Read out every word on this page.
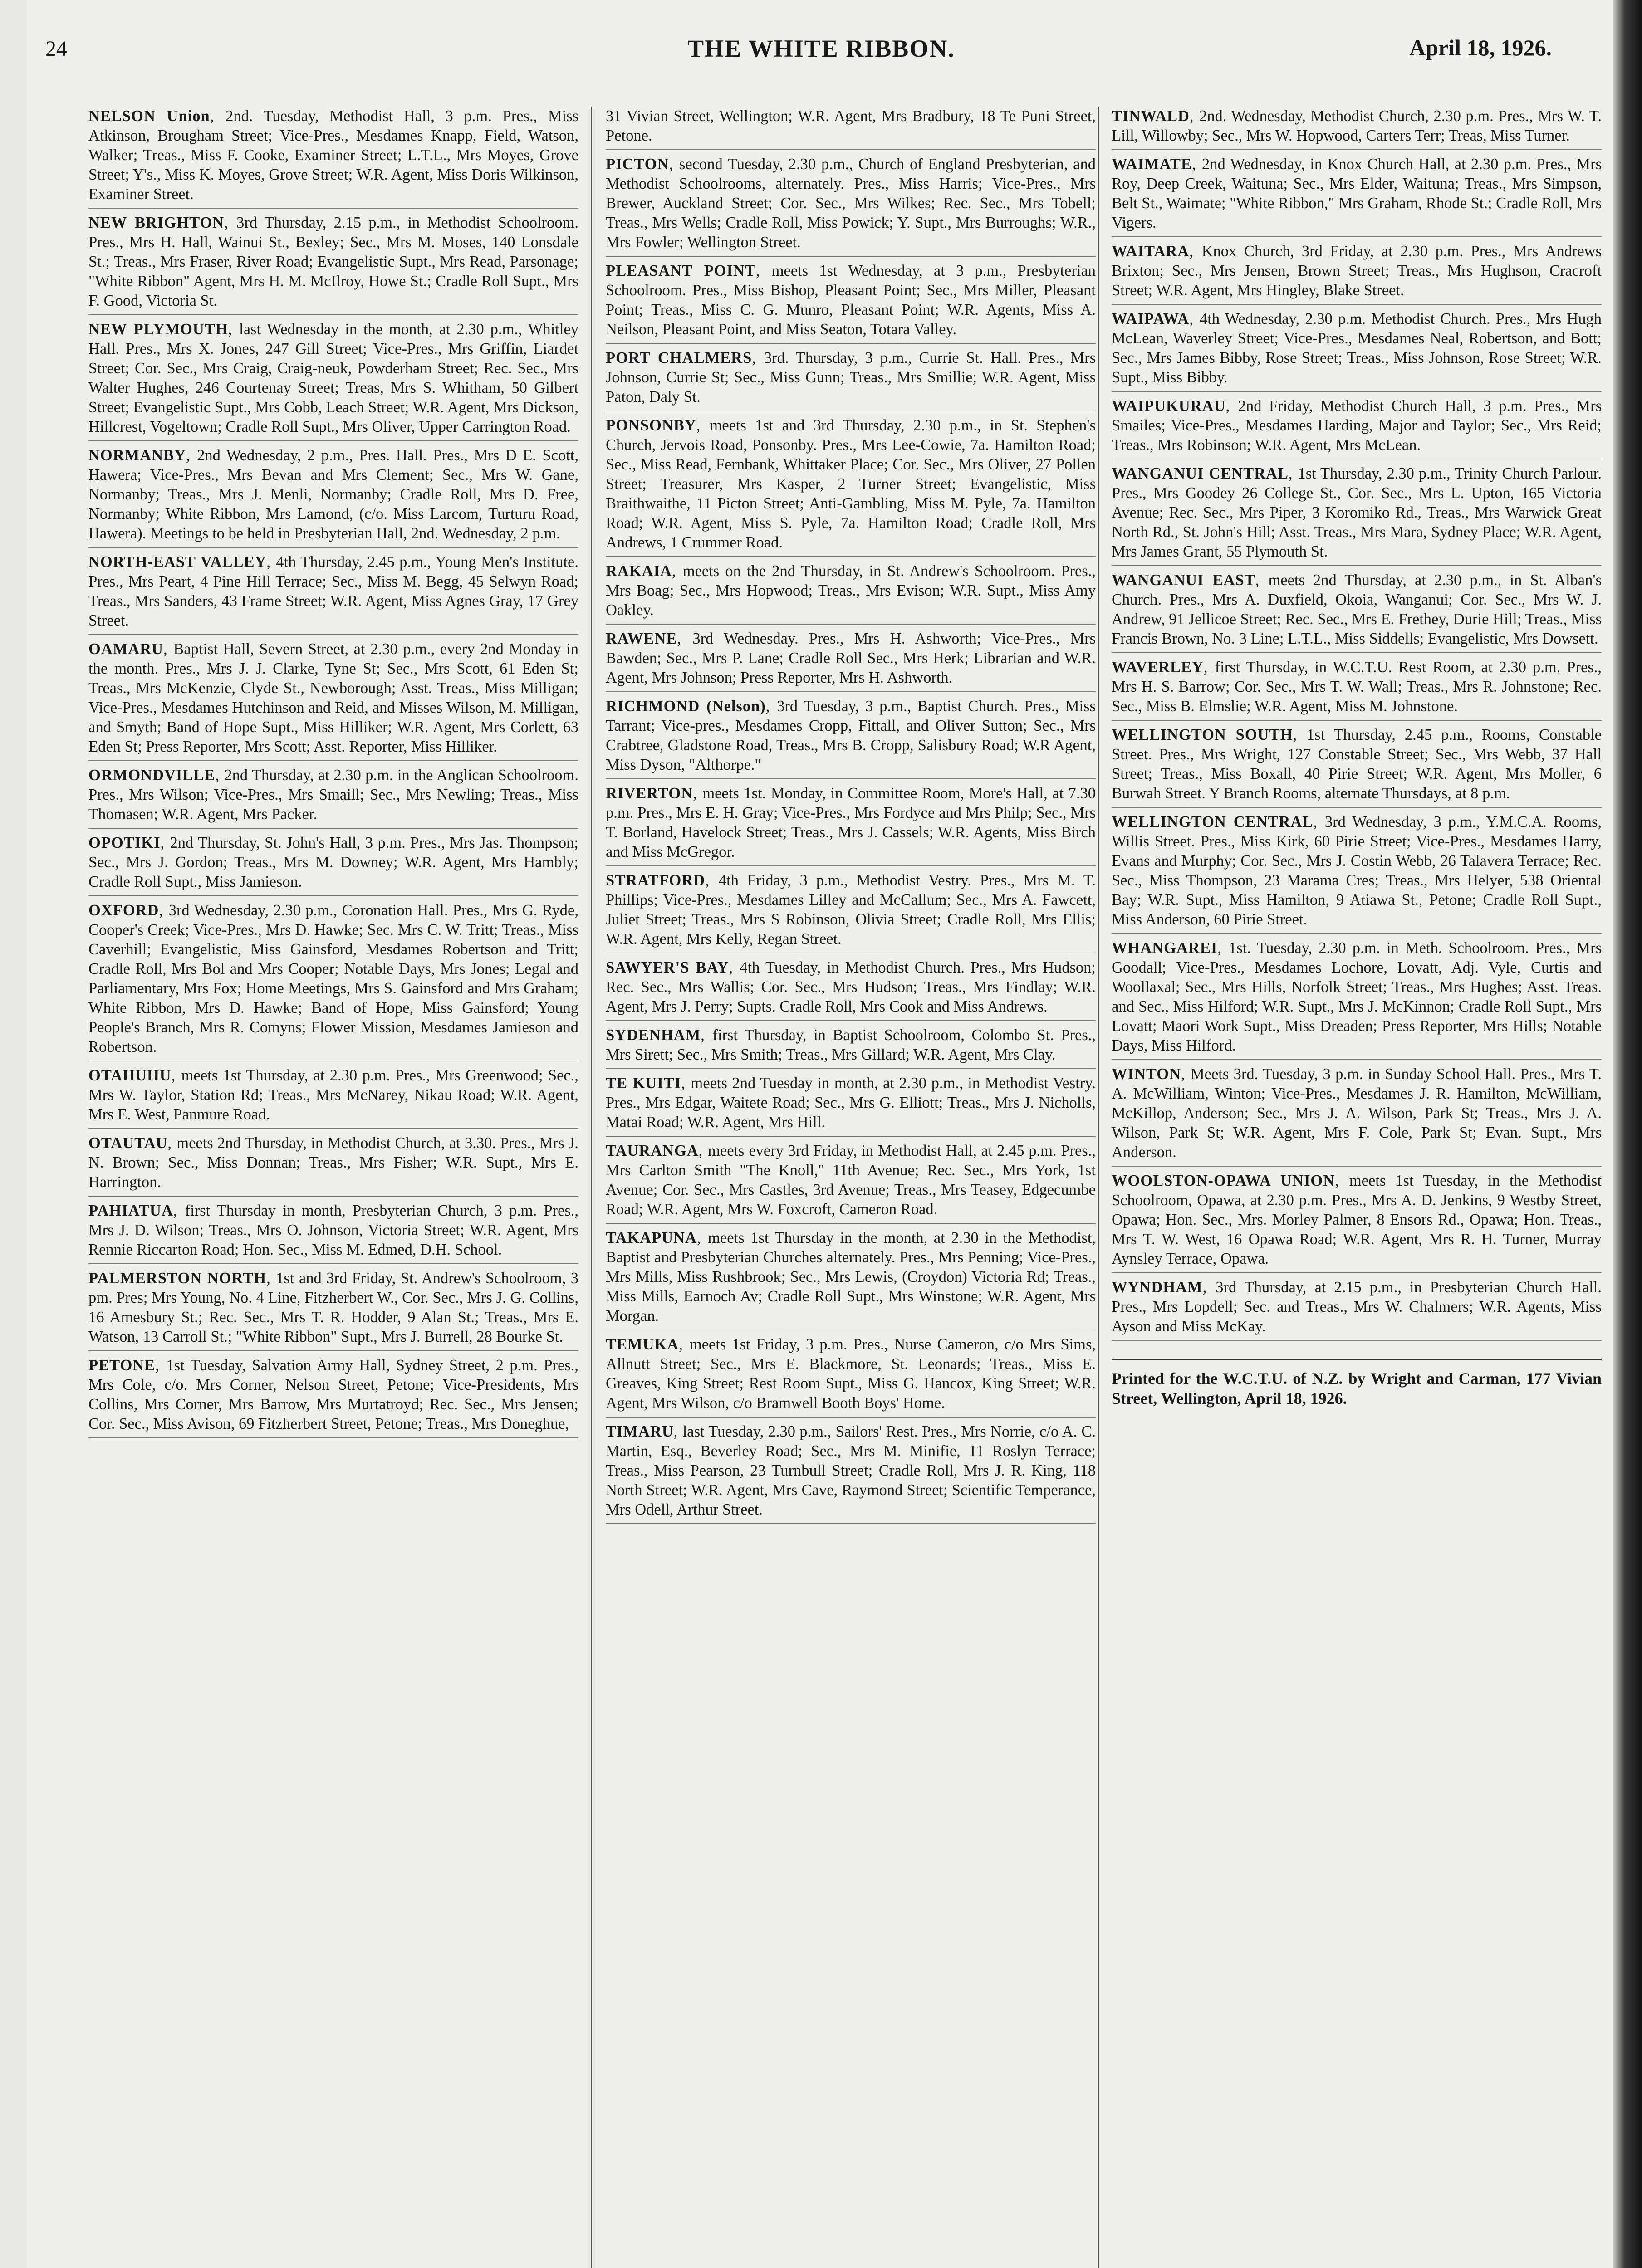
24	THE WHITE RIBBON.	April 18, 1926.

NELSON Union , 2nd. Tuesday, Methodist Hall, 3 p.m. Pres., Miss Atkinson, Brougham Street; Vice-Pres., Mesdames Knapp, Field, Watson, Walker; Treas., Miss F. Cooke, Examiner Street; L.T.L., Mrs Moyes, Grove Street; Y's., Miss K. Moyes, Grove Street; W.R. Agent, Miss Doris Wilkinson, Examiner Street.

NEW BRIGHTON , 3rd Thursday, 2.15 p.m., in Methodist Schoolroom. Pres., Mrs H. Hall, Wainui St., Bexley; Sec., Mrs M. Moses, 140 Lonsdale St.; Treas., Mrs Fraser, River Road; Evangelistic Supt., Mrs Read, Parsonage; "White Ribbon" Agent, Mrs H. M. McIlroy, Howe St.; Cradle Roll Supt., Mrs F. Good, Victoria St.

NEW PLYMOUTH , last Wednesday in the month, at 2.30 p.m., Whitley Hall. Pres., Mrs X. Jones, 247 Gill Street; Vice-Pres., Mrs Griffin, Liardet Street; Cor. Sec., Mrs Craig, Craig-neuk, Powderham Street; Rec. Sec., Mrs Walter Hughes, 246 Courtenay Street; Treas, Mrs S. Whitham, 50 Gilbert Street; Evangelistic Supt., Mrs Cobb, Leach Street; W.R. Agent, Mrs Dickson, Hillcrest, Vogeltown; Cradle Roll Supt., Mrs Oliver, Upper Carrington Road.

NORMANBY , 2nd Wednesday, 2 p.m., Pres. Hall. Pres., Mrs D E. Scott, Hawera; Vice-Pres., Mrs Bevan and Mrs Clement; Sec., Mrs W. Gane, Normanby; Treas., Mrs J. Menli, Normanby; Cradle Roll, Mrs D. Free, Normanby; White Ribbon, Mrs Lamond, (c/o. Miss Larcom, Turturu Road, Hawera). Meetings to be held in Presbyterian Hall, 2nd. Wednesday, 2 p.m.

NORTH-EAST VALLEY , 4th Thursday, 2.45 p.m., Young Men's Institute. Pres., Mrs Peart, 4 Pine Hill Terrace; Sec., Miss M. Begg, 45 Selwyn Road; Treas., Mrs Sanders, 43 Frame Street; W.R. Agent, Miss Agnes Gray, 17 Grey Street.

OAMARU , Baptist Hall, Severn Street, at 2.30 p.m., every 2nd Monday in the month. Pres., Mrs J. J. Clarke, Tyne St; Sec., Mrs Scott, 61 Eden St; Treas., Mrs McKenzie, Clyde St., Newborough; Asst. Treas., Miss Milligan; Vice-Pres., Mesdames Hutchinson and Reid, and Misses Wilson, M. Milligan, and Smyth; Band of Hope Supt., Miss Hilliker; W.R. Agent, Mrs Corlett, 63 Eden St; Press Reporter, Mrs Scott; Asst. Reporter, Miss Hilliker.

ORMONDVILLE , 2nd Thursday, at 2.30 p.m. in the Anglican Schoolroom. Pres., Mrs Wilson; Vice-Pres., Mrs Smaill; Sec., Mrs Newling; Treas., Miss Thomasen; W.R. Agent, Mrs Packer.

OPOTIKI , 2nd Thursday, St. John's Hall, 3 p.m. Pres., Mrs Jas. Thompson; Sec., Mrs J. Gordon; Treas., Mrs M. Downey; W.R. Agent, Mrs Hambly; Cradle Roll Supt., Miss Jamieson.

OXFORD , 3rd Wednesday, 2.30 p.m., Coronation Hall. Pres., Mrs G. Ryde, Cooper's Creek; Vice-Pres., Mrs D. Hawke; Sec. Mrs C. W. Tritt; Treas., Miss Caverhill; Evangelistic, Miss Gainsford, Mesdames Robertson and Tritt; Cradle Roll, Mrs Bol and Mrs Cooper; Notable Days, Mrs Jones; Legal and Parliamentary, Mrs Fox; Home Meetings, Mrs S. Gainsford and Mrs Graham; White Ribbon, Mrs D. Hawke; Band of Hope, Miss Gainsford; Young People's Branch, Mrs R. Comyns; Flower Mission, Mesdames Jamieson and Robertson.

OTAHUHU , meets 1st Thursday, at 2.30 p.m. Pres., Mrs Greenwood; Sec., Mrs W. Taylor, Station Rd; Treas., Mrs McNarey, Nikau Road; W.R. Agent, Mrs E. West, Panmure Road.

OTAUTAU , meets 2nd Thursday, in Methodist Church, at 3.30. Pres., Mrs J. N. Brown; Sec., Miss Donnan; Treas., Mrs Fisher; W.R. Supt., Mrs E. Harrington.

PAHIATUA , first Thursday in month, Presbyterian Church, 3 p.m. Pres., Mrs J. D. Wilson; Treas., Mrs O. Johnson, Victoria Street; W.R. Agent, Mrs Rennie Riccarton Road; Hon. Sec., Miss M. Edmed, D.H. School.

PALMERSTON NORTH , 1st and 3rd Friday, St. Andrew's Schoolroom, 3 pm. Pres; Mrs Young, No. 4 Line, Fitzherbert W., Cor. Sec., Mrs J. G. Collins, 16 Amesbury St.; Rec. Sec., Mrs T. R. Hodder, 9 Alan St.; Treas., Mrs E. Watson, 13 Carroll St.; "White Ribbon" Supt., Mrs J. Burrell, 28 Bourke St.

PETONE , 1st Tuesday, Salvation Army Hall, Sydney Street, 2 p.m. Pres., Mrs Cole, c/o. Mrs Corner, Nelson Street, Petone; Vice-Presidents, Mrs Collins, Mrs Corner, Mrs Barrow, Mrs Murtatroyd; Rec. Sec., Mrs Jensen; Cor. Sec., Miss Avison, 69 Fitzherbert Street, Petone; Treas., Mrs Doneghue,

31 Vivian Street, Wellington; W.R. Agent, Mrs Bradbury, 18 Te Puni Street, Petone.

PICTON , second Tuesday, 2.30 p.m., Church of England Presbyterian, and Methodist Schoolrooms, alternately. Pres., Miss Harris; Vice-Pres., Mrs Brewer, Auckland Street; Cor. Sec., Mrs Wilkes; Rec. Sec., Mrs Tobell; Treas., Mrs Wells; Cradle Roll, Miss Powick; Y. Supt., Mrs Burroughs; W.R., Mrs Fowler; Wellington Street.

PLEASANT POINT , meets 1st Wednesday, at 3 p.m., Presbyterian Schoolroom. Pres., Miss Bishop, Pleasant Point; Sec., Mrs Miller, Pleasant Point; Treas., Miss C. G. Munro, Pleasant Point; W.R. Agents, Miss A. Neilson, Pleasant Point, and Miss Seaton, Totara Valley.

PORT CHALMERS , 3rd. Thursday, 3 p.m., Currie St. Hall. Pres., Mrs Johnson, Currie St; Sec., Miss Gunn; Treas., Mrs Smillie; W.R. Agent, Miss Paton, Daly St.

PONSONBY , meets 1st and 3rd Thursday, 2.30 p.m., in St. Stephen's Church, Jervois Road, Ponsonby. Pres., Mrs Lee-Cowie, 7a. Hamilton Road; Sec., Miss Read, Fernbank, Whittaker Place; Cor. Sec., Mrs Oliver, 27 Pollen Street; Treasurer, Mrs Kasper, 2 Turner Street; Evangelistic, Miss Braithwaithe, 11 Picton Street; Anti-Gambling, Miss M. Pyle, 7a. Hamilton Road; W.R. Agent, Miss S. Pyle, 7a. Hamilton Road; Cradle Roll, Mrs Andrews, 1 Crummer Road.

RAKAIA , meets on the 2nd Thursday, in St. Andrew's Schoolroom. Pres., Mrs Boag; Sec., Mrs Hopwood; Treas., Mrs Evison; W.R. Supt., Miss Amy Oakley.

RAWENE , 3rd Wednesday. Pres., Mrs H. Ashworth; Vice-Pres., Mrs Bawden; Sec., Mrs P. Lane; Cradle Roll Sec., Mrs Herk; Librarian and W.R. Agent, Mrs Johnson; Press Reporter, Mrs H. Ashworth.

RICHMOND (Nelson) , 3rd Tuesday, 3 p.m., Baptist Church. Pres., Miss Tarrant; Vice-pres., Mesdames Cropp, Fittall, and Oliver Sutton; Sec., Mrs Crabtree, Gladstone Road, Treas., Mrs B. Cropp, Salisbury Road; W.R Agent, Miss Dyson, "Althorpe."

RIVERTON , meets 1st. Monday, in Committee Room, More's Hall, at 7.30 p.m. Pres., Mrs E. H. Gray; Vice-Pres., Mrs Fordyce and Mrs Philp; Sec., Mrs T. Borland, Havelock Street; Treas., Mrs J. Cassels; W.R. Agents, Miss Birch and Miss McGregor.

STRATFORD , 4th Friday, 3 p.m., Methodist Vestry. Pres., Mrs M. T. Phillips; Vice-Pres., Mesdames Lilley and McCallum; Sec., Mrs A. Fawcett, Juliet Street; Treas., Mrs S Robinson, Olivia Street; Cradle Roll, Mrs Ellis; W.R. Agent, Mrs Kelly, Regan Street.

SAWYER'S BAY , 4th Tuesday, in Methodist Church. Pres., Mrs Hudson; Rec. Sec., Mrs Wallis; Cor. Sec., Mrs Hudson; Treas., Mrs Findlay; W.R. Agent, Mrs J. Perry; Supts. Cradle Roll, Mrs Cook and Miss Andrews.

SYDENHAM , first Thursday, in Baptist Schoolroom, Colombo St. Pres., Mrs Sirett; Sec., Mrs Smith; Treas., Mrs Gillard; W.R. Agent, Mrs Clay.

TE KUITI , meets 2nd Tuesday in month, at 2.30 p.m., in Methodist Vestry. Pres., Mrs Edgar, Waitete Road; Sec., Mrs G. Elliott; Treas., Mrs J. Nicholls, Matai Road; W.R. Agent, Mrs Hill.

TAURANGA , meets every 3rd Friday, in Methodist Hall, at 2.45 p.m. Pres., Mrs Carlton Smith "The Knoll," 11th Avenue; Rec. Sec., Mrs York, 1st Avenue; Cor. Sec., Mrs Castles, 3rd Avenue; Treas., Mrs Teasey, Edgecumbe Road; W.R. Agent, Mrs W. Foxcroft, Cameron Road.

TAKAPUNA , meets 1st Thursday in the month, at 2.30 in the Methodist, Baptist and Presbyterian Churches alternately. Pres., Mrs Penning; Vice-Pres., Mrs Mills, Miss Rushbrook; Sec., Mrs Lewis, (Croydon) Victoria Rd; Treas., Miss Mills, Earnoch Av; Cradle Roll Supt., Mrs Winstone; W.R. Agent, Mrs Morgan.

TEMUKA , meets 1st Friday, 3 p.m. Pres., Nurse Cameron, c/o Mrs Sims, Allnutt Street; Sec., Mrs E. Blackmore, St. Leonards; Treas., Miss E. Greaves, King Street; Rest Room Supt., Miss G. Hancox, King Street; W.R. Agent, Mrs Wilson, c/o Bramwell Booth Boys' Home.

TIMARU , last Tuesday, 2.30 p.m., Sailors' Rest. Pres., Mrs Norrie, c/o A. C. Martin, Esq., Beverley Road; Sec., Mrs M. Minifie, 11 Roslyn Terrace; Treas., Miss Pearson, 23 Turnbull Street; Cradle Roll, Mrs J. R. King, 118 North Street; W.R. Agent, Mrs Cave, Raymond Street; Scientific Temperance, Mrs Odell, Arthur Street.

TINWALD , 2nd. Wednesday, Methodist Church, 2.30 p.m. Pres., Mrs W. T. Lill, Willowby; Sec., Mrs W. Hopwood, Carters Terr; Treas, Miss Turner.

WAIMATE , 2nd Wednesday, in Knox Church Hall, at 2.30 p.m. Pres., Mrs Roy, Deep Creek, Waituna; Sec., Mrs Elder, Waituna; Treas., Mrs Simpson, Belt St., Waimate; "White Ribbon," Mrs Graham, Rhode St.; Cradle Roll, Mrs Vigers.

WAITARA , Knox Church, 3rd Friday, at 2.30 p.m. Pres., Mrs Andrews Brixton; Sec., Mrs Jensen, Brown Street; Treas., Mrs Hughson, Cracroft Street; W.R. Agent, Mrs Hingley, Blake Street.

WAIPAWA , 4th Wednesday, 2.30 p.m. Methodist Church. Pres., Mrs Hugh McLean, Waverley Street; Vice-Pres., Mesdames Neal, Robertson, and Bott; Sec., Mrs James Bibby, Rose Street; Treas., Miss Johnson, Rose Street; W.R. Supt., Miss Bibby.

WAIPUKURAU , 2nd Friday, Methodist Church Hall, 3 p.m. Pres., Mrs Smailes; Vice-Pres., Mesdames Harding, Major and Taylor; Sec., Mrs Reid; Treas., Mrs Robinson; W.R. Agent, Mrs McLean.

WANGANUI CENTRAL , 1st Thursday, 2.30 p.m., Trinity Church Parlour. Pres., Mrs Goodey 26 College St., Cor. Sec., Mrs L. Upton, 165 Victoria Avenue; Rec. Sec., Mrs Piper, 3 Koromiko Rd., Treas., Mrs Warwick Great North Rd., St. John's Hill; Asst. Treas., Mrs Mara, Sydney Place; W.R. Agent, Mrs James Grant, 55 Plymouth St.

WANGANUI EAST , meets 2nd Thursday, at 2.30 p.m., in St. Alban's Church. Pres., Mrs A. Duxfield, Okoia, Wanganui; Cor. Sec., Mrs W. J. Andrew, 91 Jellicoe Street; Rec. Sec., Mrs E. Frethey, Durie Hill; Treas., Miss Francis Brown, No. 3 Line; L.T.L., Miss Siddells; Evangelistic, Mrs Dowsett.

WAVERLEY , first Thursday, in W.C.T.U. Rest Room, at 2.30 p.m. Pres., Mrs H. S. Barrow; Cor. Sec., Mrs T. W. Wall; Treas., Mrs R. Johnstone; Rec. Sec., Miss B. Elmslie; W.R. Agent, Miss M. Johnstone.

WELLINGTON SOUTH , 1st Thursday, 2.45 p.m., Rooms, Constable Street. Pres., Mrs Wright, 127 Constable Street; Sec., Mrs Webb, 37 Hall Street; Treas., Miss Boxall, 40 Pirie Street; W.R. Agent, Mrs Moller, 6 Burwah Street. Y Branch Rooms, alternate Thursdays, at 8 p.m.

WELLINGTON CENTRAL , 3rd Wednesday, 3 p.m., Y.M.C.A. Rooms, Willis Street. Pres., Miss Kirk, 60 Pirie Street; Vice-Pres., Mesdames Harry, Evans and Murphy; Cor. Sec., Mrs J. Costin Webb, 26 Talavera Terrace; Rec. Sec., Miss Thompson, 23 Marama Cres; Treas., Mrs Helyer, 538 Oriental Bay; W.R. Supt., Miss Hamilton, 9 Atiawa St., Petone; Cradle Roll Supt., Miss Anderson, 60 Pirie Street.

WHANGAREI , 1st. Tuesday, 2.30 p.m. in Meth. Schoolroom. Pres., Mrs Goodall; Vice-Pres., Mesdames Lochore, Lovatt, Adj. Vyle, Curtis and Woollaxal; Sec., Mrs Hills, Norfolk Street; Treas., Mrs Hughes; Asst. Treas. and Sec., Miss Hilford; W.R. Supt., Mrs J. McKinnon; Cradle Roll Supt., Mrs Lovatt; Maori Work Supt., Miss Dreaden; Press Reporter, Mrs Hills; Notable Days, Miss Hilford.

WINTON , Meets 3rd. Tuesday, 3 p.m. in Sunday School Hall. Pres., Mrs T. A. McWilliam, Winton; Vice-Pres., Mesdames J. R. Hamilton, McWilliam, McKillop, Anderson; Sec., Mrs J. A. Wilson, Park St; Treas., Mrs J. A. Wilson, Park St; W.R. Agent, Mrs F. Cole, Park St; Evan. Supt., Mrs Anderson.

WOOLSTON-OPAWA UNION , meets 1st Tuesday, in the Methodist Schoolroom, Opawa, at 2.30 p.m. Pres., Mrs A. D. Jenkins, 9 Westby Street, Opawa; Hon. Sec., Mrs. Morley Palmer, 8 Ensors Rd., Opawa; Hon. Treas., Mrs T. W. West, 16 Opawa Road; W.R. Agent, Mrs R. H. Turner, Murray Aynsley Terrace, Opawa.

WYNDHAM , 3rd Thursday, at 2.15 p.m., in Presbyterian Church Hall. Pres., Mrs Lopdell; Sec. and Treas., Mrs W. Chalmers; W.R. Agents, Miss Ayson and Miss McKay.

Printed for the W.C.T.U. of N.Z. by Wright and Carman, 177 Vivian Street, Wellington, April 18, 1926.
